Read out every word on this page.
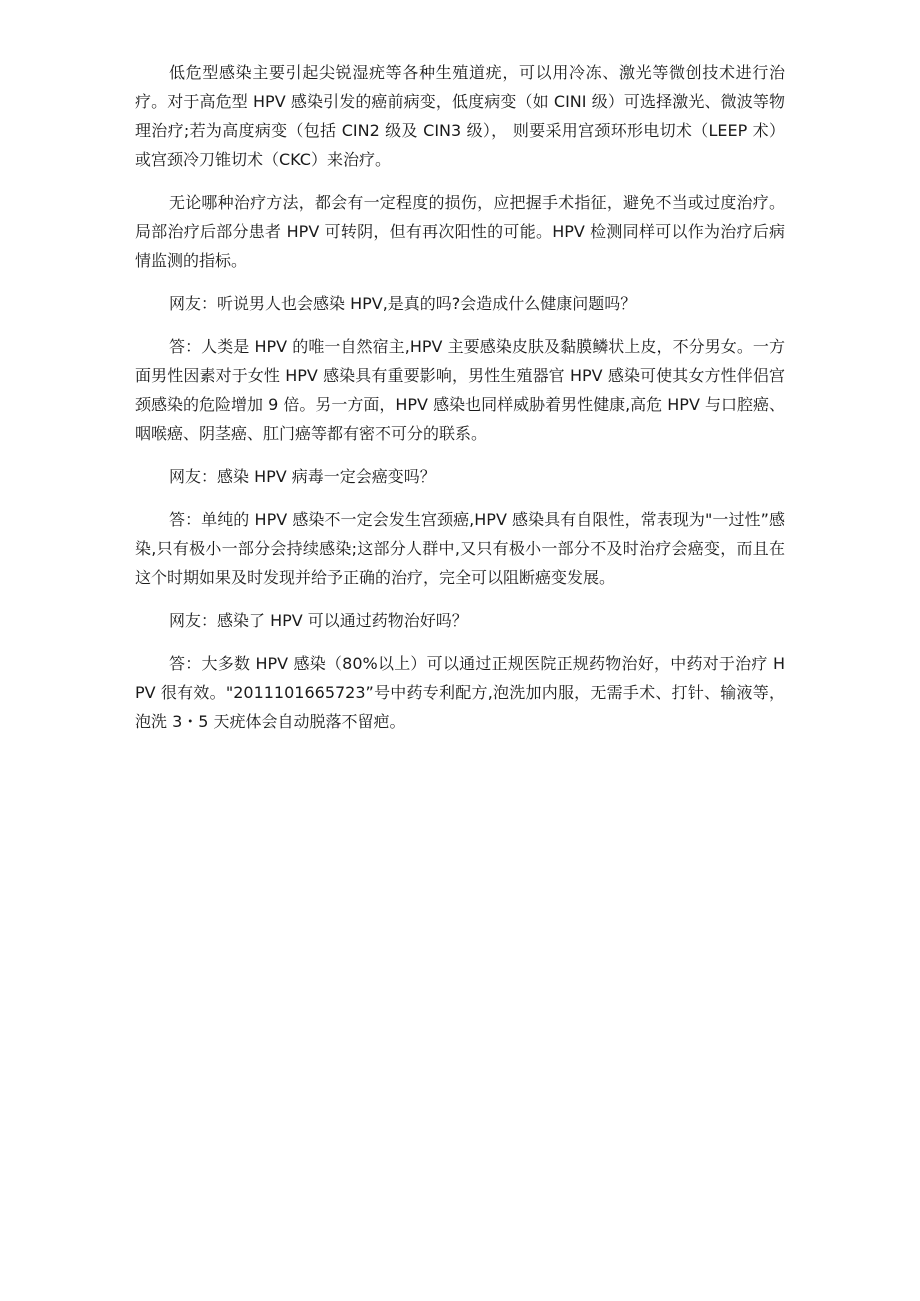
低危型感染主要引起尖锐湿疣等各种生殖道疣，可以用冷冻、激光等微创技术进行治疗。对于高危型 HPV 感染引发的癌前病变，低度病变（如 CINI 级）可选择激光、微波等物理治疗;若为高度病变（包括 CIN2 级及 CIN3 级）， 则要采用宫颈环形电切术（LEEP 术）或宫颈冷刀锥切术（CKC）来治疗。

无论哪种治疗方法，都会有一定程度的损伤，应把握手术指征，避免不当或过度治疗。局部治疗后部分患者 HPV 可转阴，但有再次阳性的可能。HPV 检测同样可以作为治疗后病情监测的指标。

网友：听说男人也会感染 HPV,是真的吗?会造成什么健康问题吗？

答：人类是 HPV 的唯一自然宿主,HPV 主要感染皮肤及黏膜鳞状上皮，不分男女。一方面男性因素对于女性 HPV 感染具有重要影响，男性生殖器官 HPV 感染可使其女方性伴侣宫颈感染的危险增加 9 倍。另一方面，HPV 感染也同样威胁着男性健康,高危 HPV 与口腔癌、咽喉癌、阴茎癌、肛门癌等都有密不可分的联系。

网友：感染 HPV 病毒一定会癌变吗？

答：单纯的 HPV 感染不一定会发生宫颈癌,HPV 感染具有自限性，常表现为"一过性”感染,只有极小一部分会持续感染;这部分人群中,又只有极小一部分不及时治疗会癌变，而且在这个时期如果及时发现并给予正确的治疗，完全可以阻断癌变发展。

网友：感染了 HPV 可以通过药物治好吗？

答：大多数 HPV 感染（80%以上）可以通过正规医院正规药物治好，中药对于治疗 HPV 很有效。"2011101665723”号中药专利配方,泡洗加内服，无需手术、打针、输液等，泡洗 3・5 天疣体会自动脱落不留疤。
